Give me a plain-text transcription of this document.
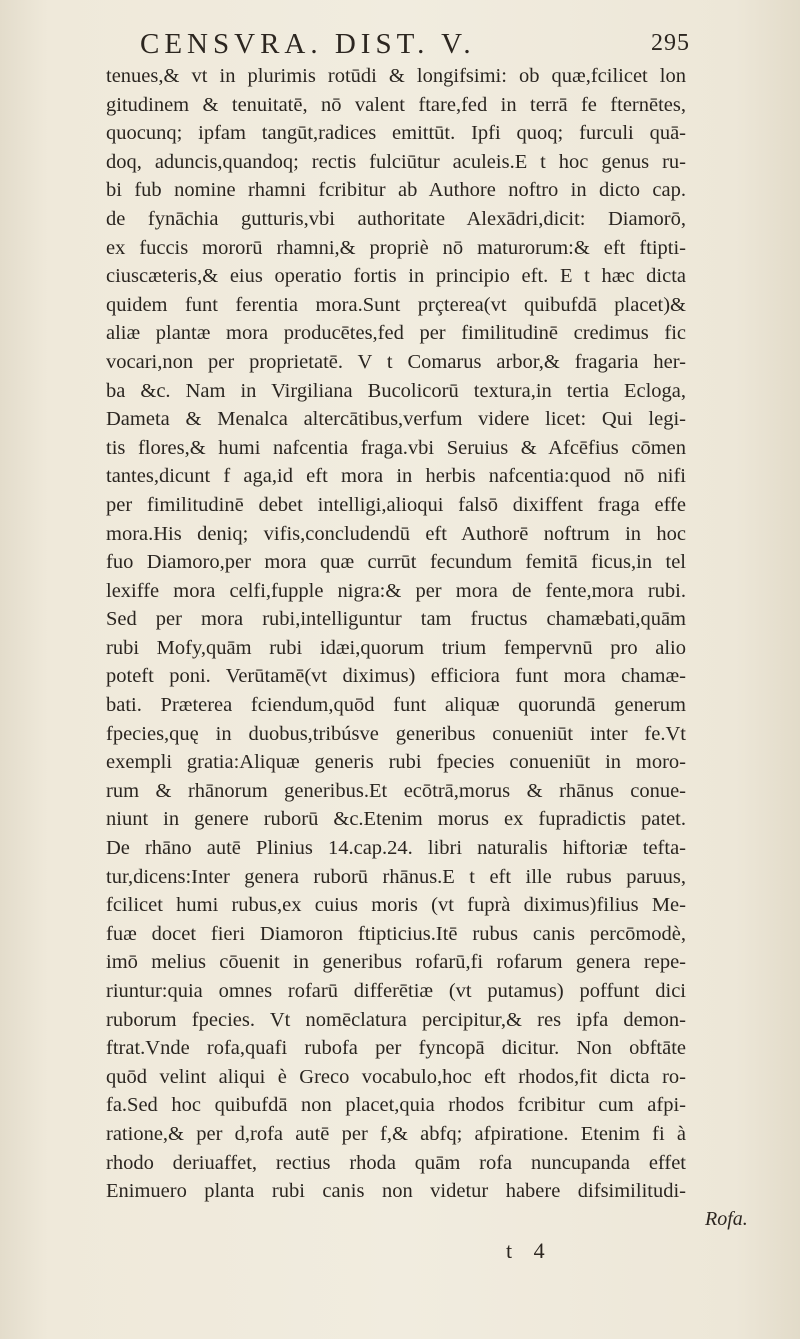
CENSVRA. DIST. V.	295
tenues,& vt in plurimis rotūdi & longifsimi: ob quæ,fcilicet lon
gitudinem & tenuitatē, nō valent ftare,fed in terrā fe fternētes,
quocunq; ipfam tangūt,radices emittūt. Ipfi quoq; furculi quā-
doq, aduncis,quandoq; rectis fulciūtur aculeis.E t hoc genus ru-
bi fub nomine rhamni fcribitur ab Authore noftro in dicto cap.
de fynāchia gutturis,vbi authoritate Alexādri,dicit: Diamorō,
ex fuccis mororū rhamni,& propriè nō maturorum:& eft ftipti-
ciuscæteris,& eius operatio fortis in principio eft. E t hæc dicta
quidem funt ferentia mora.Sunt prçterea(vt quibufdā placet)&
aliæ plantæ mora producētes,fed per fimilitudinē credimus fic
vocari,non per proprietatē. V t Comarus arbor,& fragaria her-
ba &c. Nam in Virgiliana Bucolicorū textura,in tertia Ecloga,
Dameta & Menalca altercātibus,verfum videre licet: Qui legi-
tis flores,& humi nafcentia fraga.vbi Seruius & Afcēfius cōmen
tantes,dicunt f aga,id eft mora in herbis nafcentia:quod nō nifi
per fimilitudinē debet intelligi,alioqui falsō dixiffent fraga effe
mora.His deniq; vifis,concludendū eft Authorē noftrum in hoc
fuo Diamoro,per mora quæ currūt fecundum femitā ficus,in tel
lexiffe mora celfi,fupple nigra:& per mora de fente,mora rubi.
Sed per mora rubi,intelliguntur tam fructus chamæbati,quām
rubi Mofy,quām rubi idæi,quorum trium fempervnū pro alio
poteft poni. Verūtamē(vt diximus) efficiora funt mora chamæ-
bati. Præterea fciendum,quōd funt aliquæ quorundā generum
fpecies,quę in duobus,tribúsve generibus conueniūt inter fe.Vt
exempli gratia:Aliquæ generis rubi fpecies conueniūt in moro-
rum & rhānorum generibus.Et ecōtrā,morus & rhānus conue-
niunt in genere ruborū &c.Etenim morus ex fupradictis patet.
De rhāno autē Plinius 14.cap.24. libri naturalis hiftoriæ tefta-
tur,dicens:Inter genera ruborū rhānus.E t eft ille rubus paruus,
fcilicet humi rubus,ex cuius moris (vt fuprà diximus)filius Me-
fuæ docet fieri Diamoron ftipticius.Itē rubus canis percōmodè,
imō melius cōuenit in generibus rofarū,fi rofarum genera repe-
riuntur:quia omnes rofarū differētiæ (vt putamus) poffunt dici
ruborum fpecies. Vt nomēclatura percipitur,& res ipfa demon-
ftrat.Vnde rofa,quafi rubofa per fyncopā dicitur. Non obftāte
quōd velint aliqui è Greco vocabulo,hoc eft rhodos,fit dicta ro-
fa.Sed hoc quibufdā non placet,quia rhodos fcribitur cum afpi-
ratione,& per d,rofa autē per f,& abfq; afpiratione. Etenim fi à
rhodo deriuaffet, rectius rhoda quām rofa nuncupanda effet
Enimuero planta rubi canis non videtur habere difsimilitudi-
Rofa.
t 4
